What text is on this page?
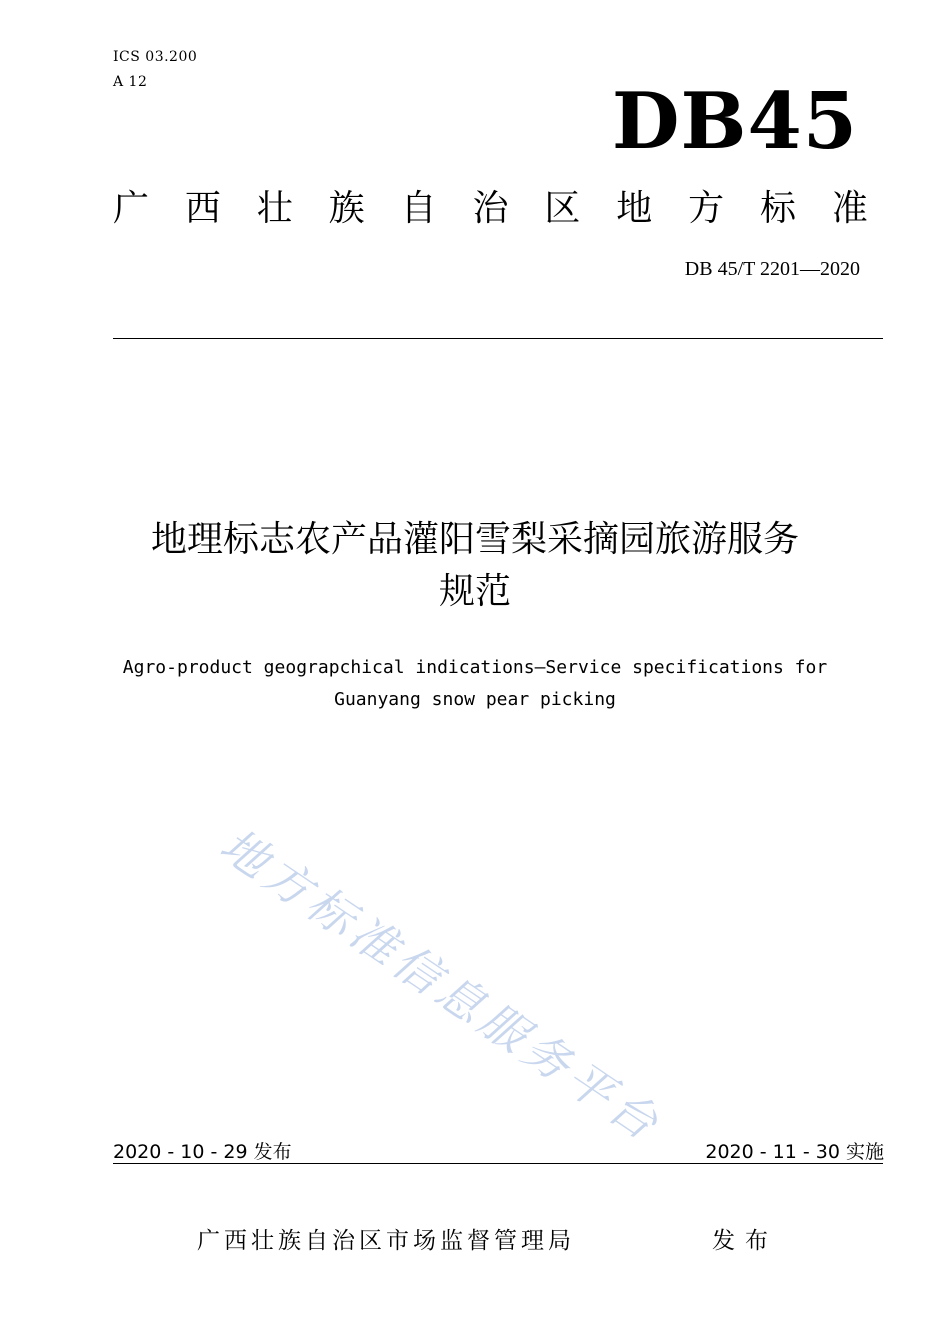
ICS 03.200
A 12	DB45
广 西 壮 族 自 治 区 地 方 标 准
DB 45/T 2201—2020
地理标志农产品灌阳雪梨采摘园旅游服务
规范
Agro-product geograpchical indications—Service specifications for
Guanyang snow pear picking
地方标准信息服务平台
2020 - 10 - 29 发布	2020 - 11 - 30 实施
广西壮族自治区市场监督管理局	发布
